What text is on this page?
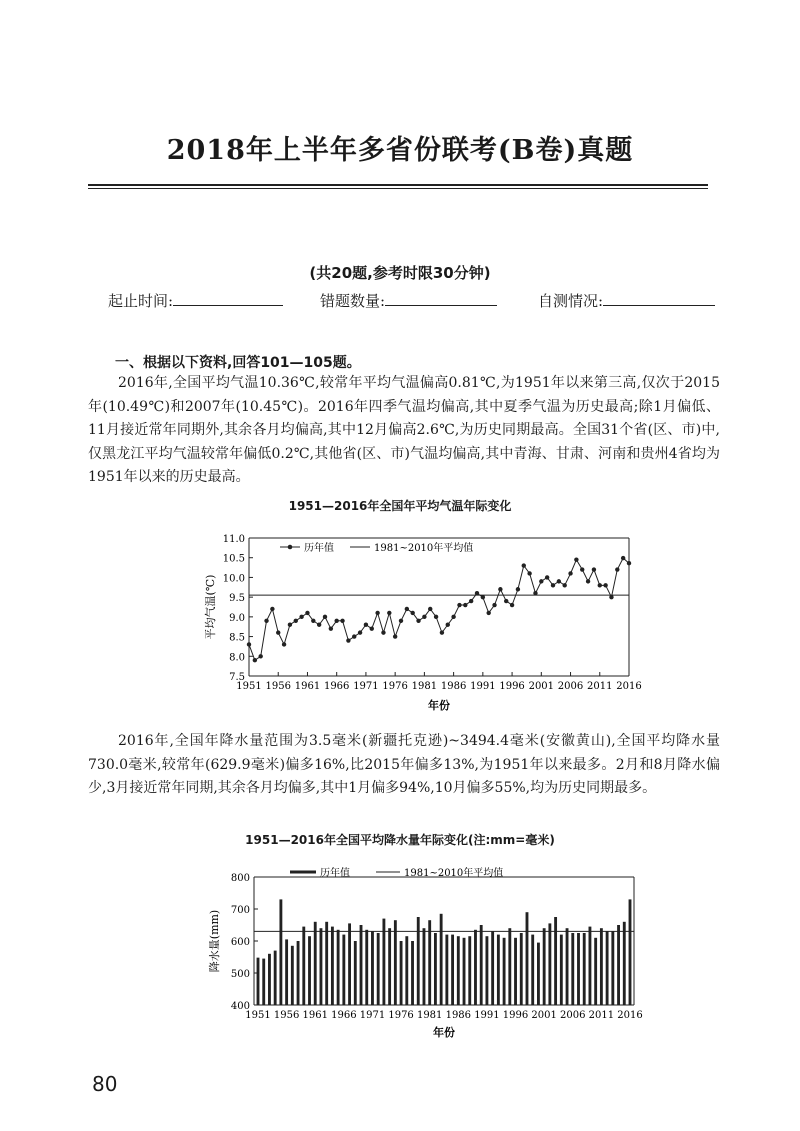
2018年上半年多省份联考(B卷)真题
(共20题,参考时限30分钟)
起止时间:	错题数量:	自测情况:
一、根据以下资料,回答101—105题。
2016年,全国平均气温10.36℃,较常年平均气温偏高0.81℃,为1951年以来第三高,仅次于2015年(10.49℃)和2007年(10.45℃)。2016年四季气温均偏高,其中夏季气温为历史最高;除1月偏低、11月接近常年同期外,其余各月均偏高,其中12月偏高2.6℃,为历史同期最高。全国31个省(区、市)中,仅黑龙江平均气温较常年偏低0.2℃,其他省(区、市)气温均偏高,其中青海、甘肃、河南和贵州4省均为1951年以来的历史最高。
1951—2016年全国年平均气温年际变化
7.5
8.0
8.5
9.0
9.5
10.0
10.5
11.0
1951 1956 1961 1966 1971 1976 1981 1986 1991 1996 2001 2006 2011 2016
历年值	1981~2010年平均值
平均气温(℃)
年份
2016年,全国年降水量范围为3.5毫米(新疆托克逊)~3494.4毫米(安徽黄山),全国平均降水量730.0毫米,较常年(629.9毫米)偏多16%,比2015年偏多13%,为1951年以来最多。2月和8月降水偏少,3月接近常年同期,其余各月均偏多,其中1月偏多94%,10月偏多55%,均为历史同期最多。
1951—2016年全国平均降水量年际变化(注:mm=毫米)
400
500
600
700
800
1951 1956 1961 1966 1971 1976 1981 1986 1991 1996 2001 2006 2011 2016
历年值	1981~2010年平均值
降水量(mm)
年份
80
